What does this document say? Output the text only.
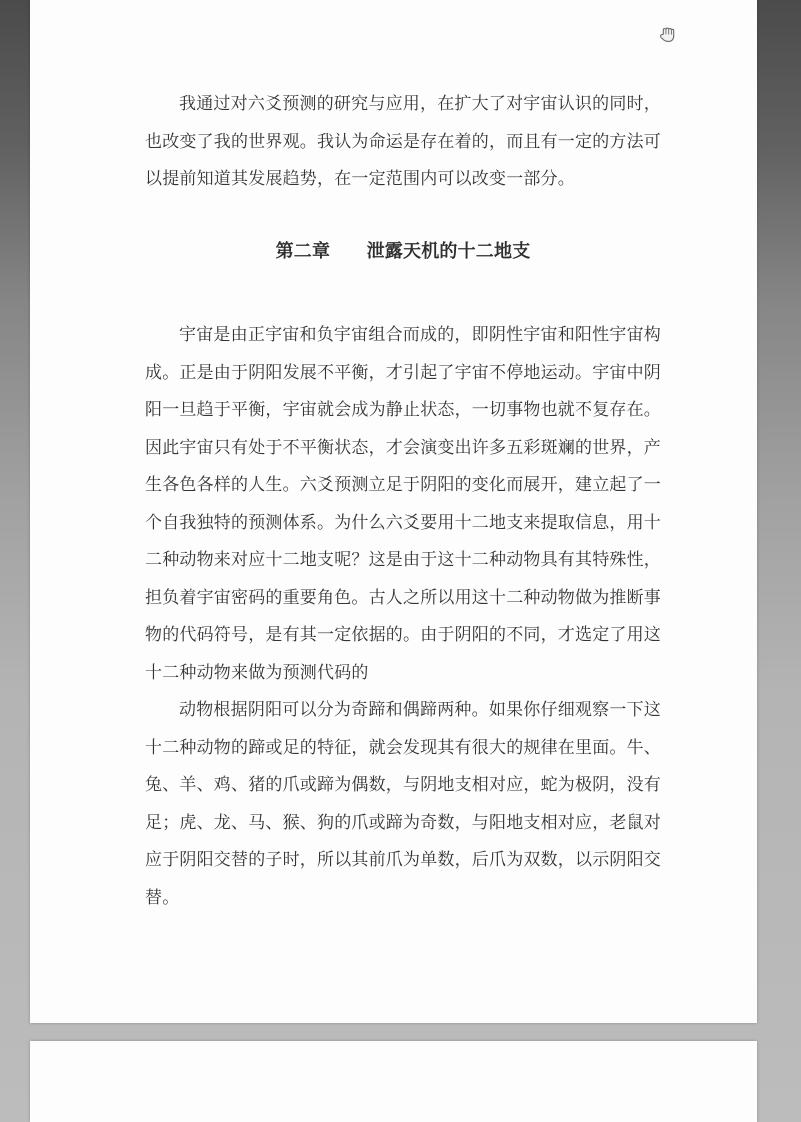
我通过对六爻预测的研究与应用，在扩大了对宇宙认识的同时，也改变了我的世界观。我认为命运是存在着的，而且有一定的方法可以提前知道其发展趋势，在一定范围内可以改变一部分。

第二章　　泄露天机的十二地支

宇宙是由正宇宙和负宇宙组合而成的，即阴性宇宙和阳性宇宙构成。正是由于阴阳发展不平衡，才引起了宇宙不停地运动。宇宙中阴阳一旦趋于平衡，宇宙就会成为静止状态，一切事物也就不复存在。因此宇宙只有处于不平衡状态，才会演变出许多五彩斑斓的世界，产生各色各样的人生。六爻预测立足于阴阳的变化而展开，建立起了一个自我独特的预测体系。为什么六爻要用十二地支来提取信息，用十二种动物来对应十二地支呢？这是由于这十二种动物具有其特殊性，担负着宇宙密码的重要角色。古人之所以用这十二种动物做为推断事物的代码符号，是有其一定依据的。由于阴阳的不同，才选定了用这十二种动物来做为预测代码的

动物根据阴阳可以分为奇蹄和偶蹄两种。如果你仔细观察一下这十二种动物的蹄或足的特征，就会发现其有很大的规律在里面。牛、兔、羊、鸡、猪的爪或蹄为偶数，与阴地支相对应，蛇为极阴，没有足；虎、龙、马、猴、狗的爪或蹄为奇数，与阳地支相对应，老鼠对应于阴阳交替的子时，所以其前爪为单数，后爪为双数，以示阴阳交替。
